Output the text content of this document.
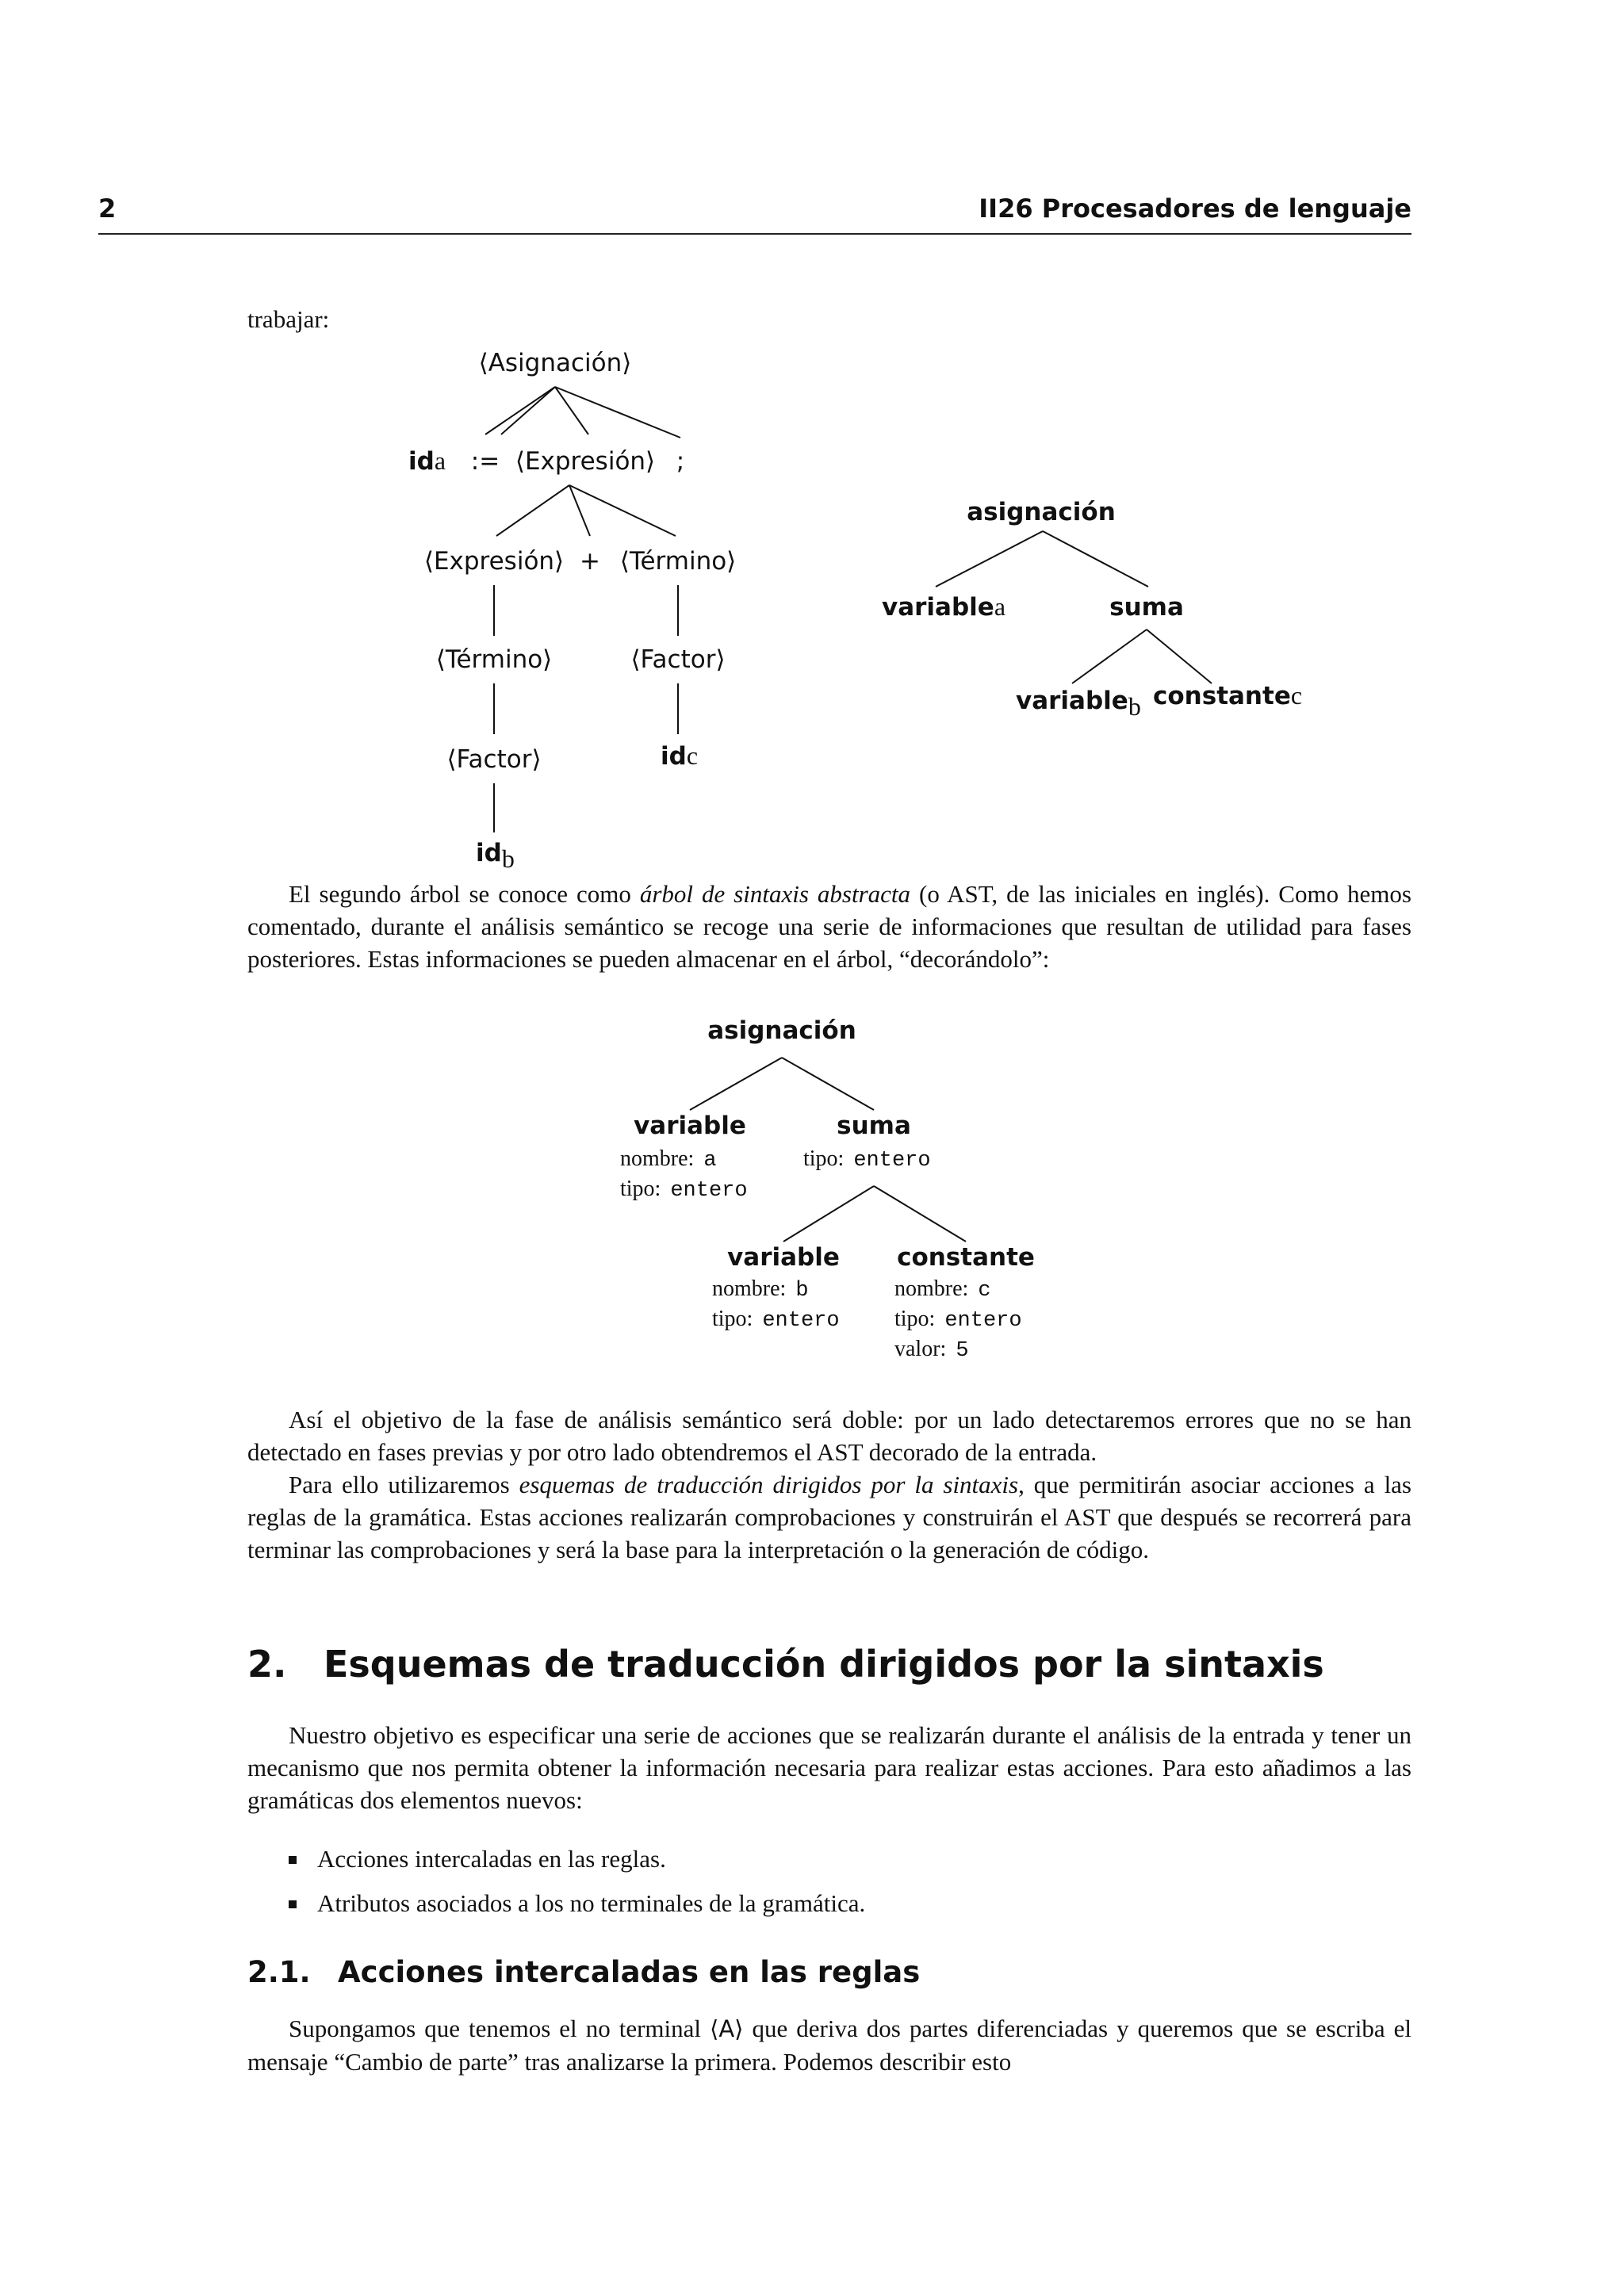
2	II26 Procesadores de lenguaje

trabajar:

⟨Asignación⟩
ida := ⟨Expresión⟩ ;
⟨Expresión⟩ + ⟨Término⟩
⟨Término⟩	⟨Factor⟩
⟨Factor⟩	idc
idb
asignación
variablea	suma
variableb constantec

El segundo árbol se conoce como árbol de sintaxis abstracta (o AST, de las iniciales en inglés). Como hemos comentado, durante el análisis semántico se recoge una serie de informaciones que resultan de utilidad para fases posteriores. Estas informaciones se pueden almacenar en el árbol, “decorándolo”:

asignación
variable	suma
variable constante
nombre: a
tipo: entero
tipo: entero
nombre: b
tipo: entero
nombre: c
tipo: entero
valor: 5

Así el objetivo de la fase de análisis semántico será doble: por un lado detectaremos errores que no se han detectado en fases previas y por otro lado obtendremos el AST decorado de la entrada.

Para ello utilizaremos esquemas de traducción dirigidos por la sintaxis, que permitirán asociar acciones a las reglas de la gramática. Estas acciones realizarán comprobaciones y construirán el AST que después se recorrerá para terminar las comprobaciones y será la base para la interpretación o la generación de código.

2. Esquemas de traducción dirigidos por la sintaxis

Nuestro objetivo es especificar una serie de acciones que se realizarán durante el análisis de la entrada y tener un mecanismo que nos permita obtener la información necesaria para realizar estas acciones. Para esto añadimos a las gramáticas dos elementos nuevos:

Acciones intercaladas en las reglas.
Atributos asociados a los no terminales de la gramática.
2.1. Acciones intercaladas en las reglas

Supongamos que tenemos el no terminal ⟨A⟩ que deriva dos partes diferenciadas y queremos que se escriba el mensaje “Cambio de parte” tras analizarse la primera. Podemos describir esto
